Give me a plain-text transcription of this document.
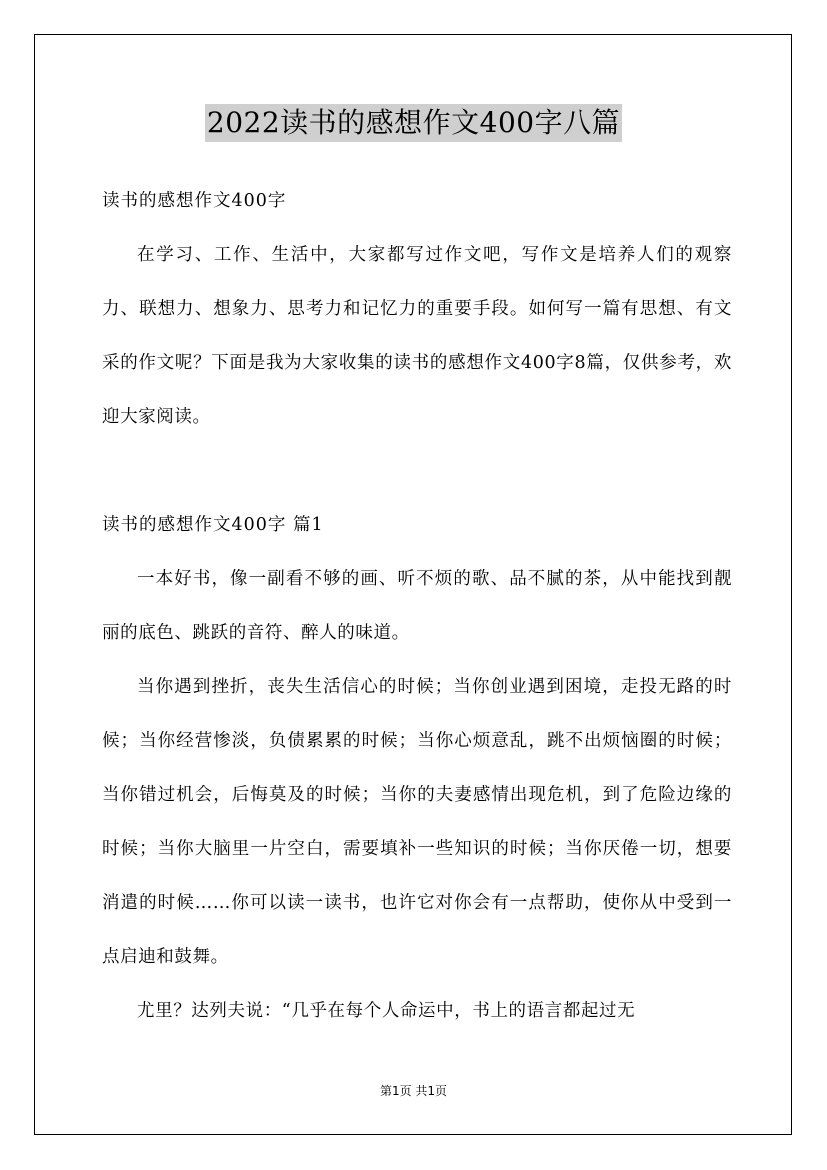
2022读书的感想作文400字八篇

读书的感想作文400字

在学习、工作、生活中，大家都写过作文吧，写作文是培养人们的观察力、联想力、想象力、思考力和记忆力的重要手段。如何写一篇有思想、有文采的作文呢？下面是我为大家收集的读书的感想作文400字8篇，仅供参考，欢迎大家阅读。

读书的感想作文400字 篇1

一本好书，像一副看不够的画、听不烦的歌、品不腻的茶，从中能找到靓丽的底色、跳跃的音符、醉人的味道。

当你遇到挫折，丧失生活信心的时候；当你创业遇到困境，走投无路的时候；当你经营惨淡，负债累累的时候；当你心烦意乱，跳不出烦恼圈的时候；当你错过机会，后悔莫及的时候；当你的夫妻感情出现危机，到了危险边缘的时候；当你大脑里一片空白，需要填补一些知识的时候；当你厌倦一切，想要消遣的时候……你可以读一读书，也许它对你会有一点帮助，使你从中受到一点启迪和鼓舞。

尤里？达列夫说：“几乎在每个人命运中，书上的语言都起过无

第1页 共1页
